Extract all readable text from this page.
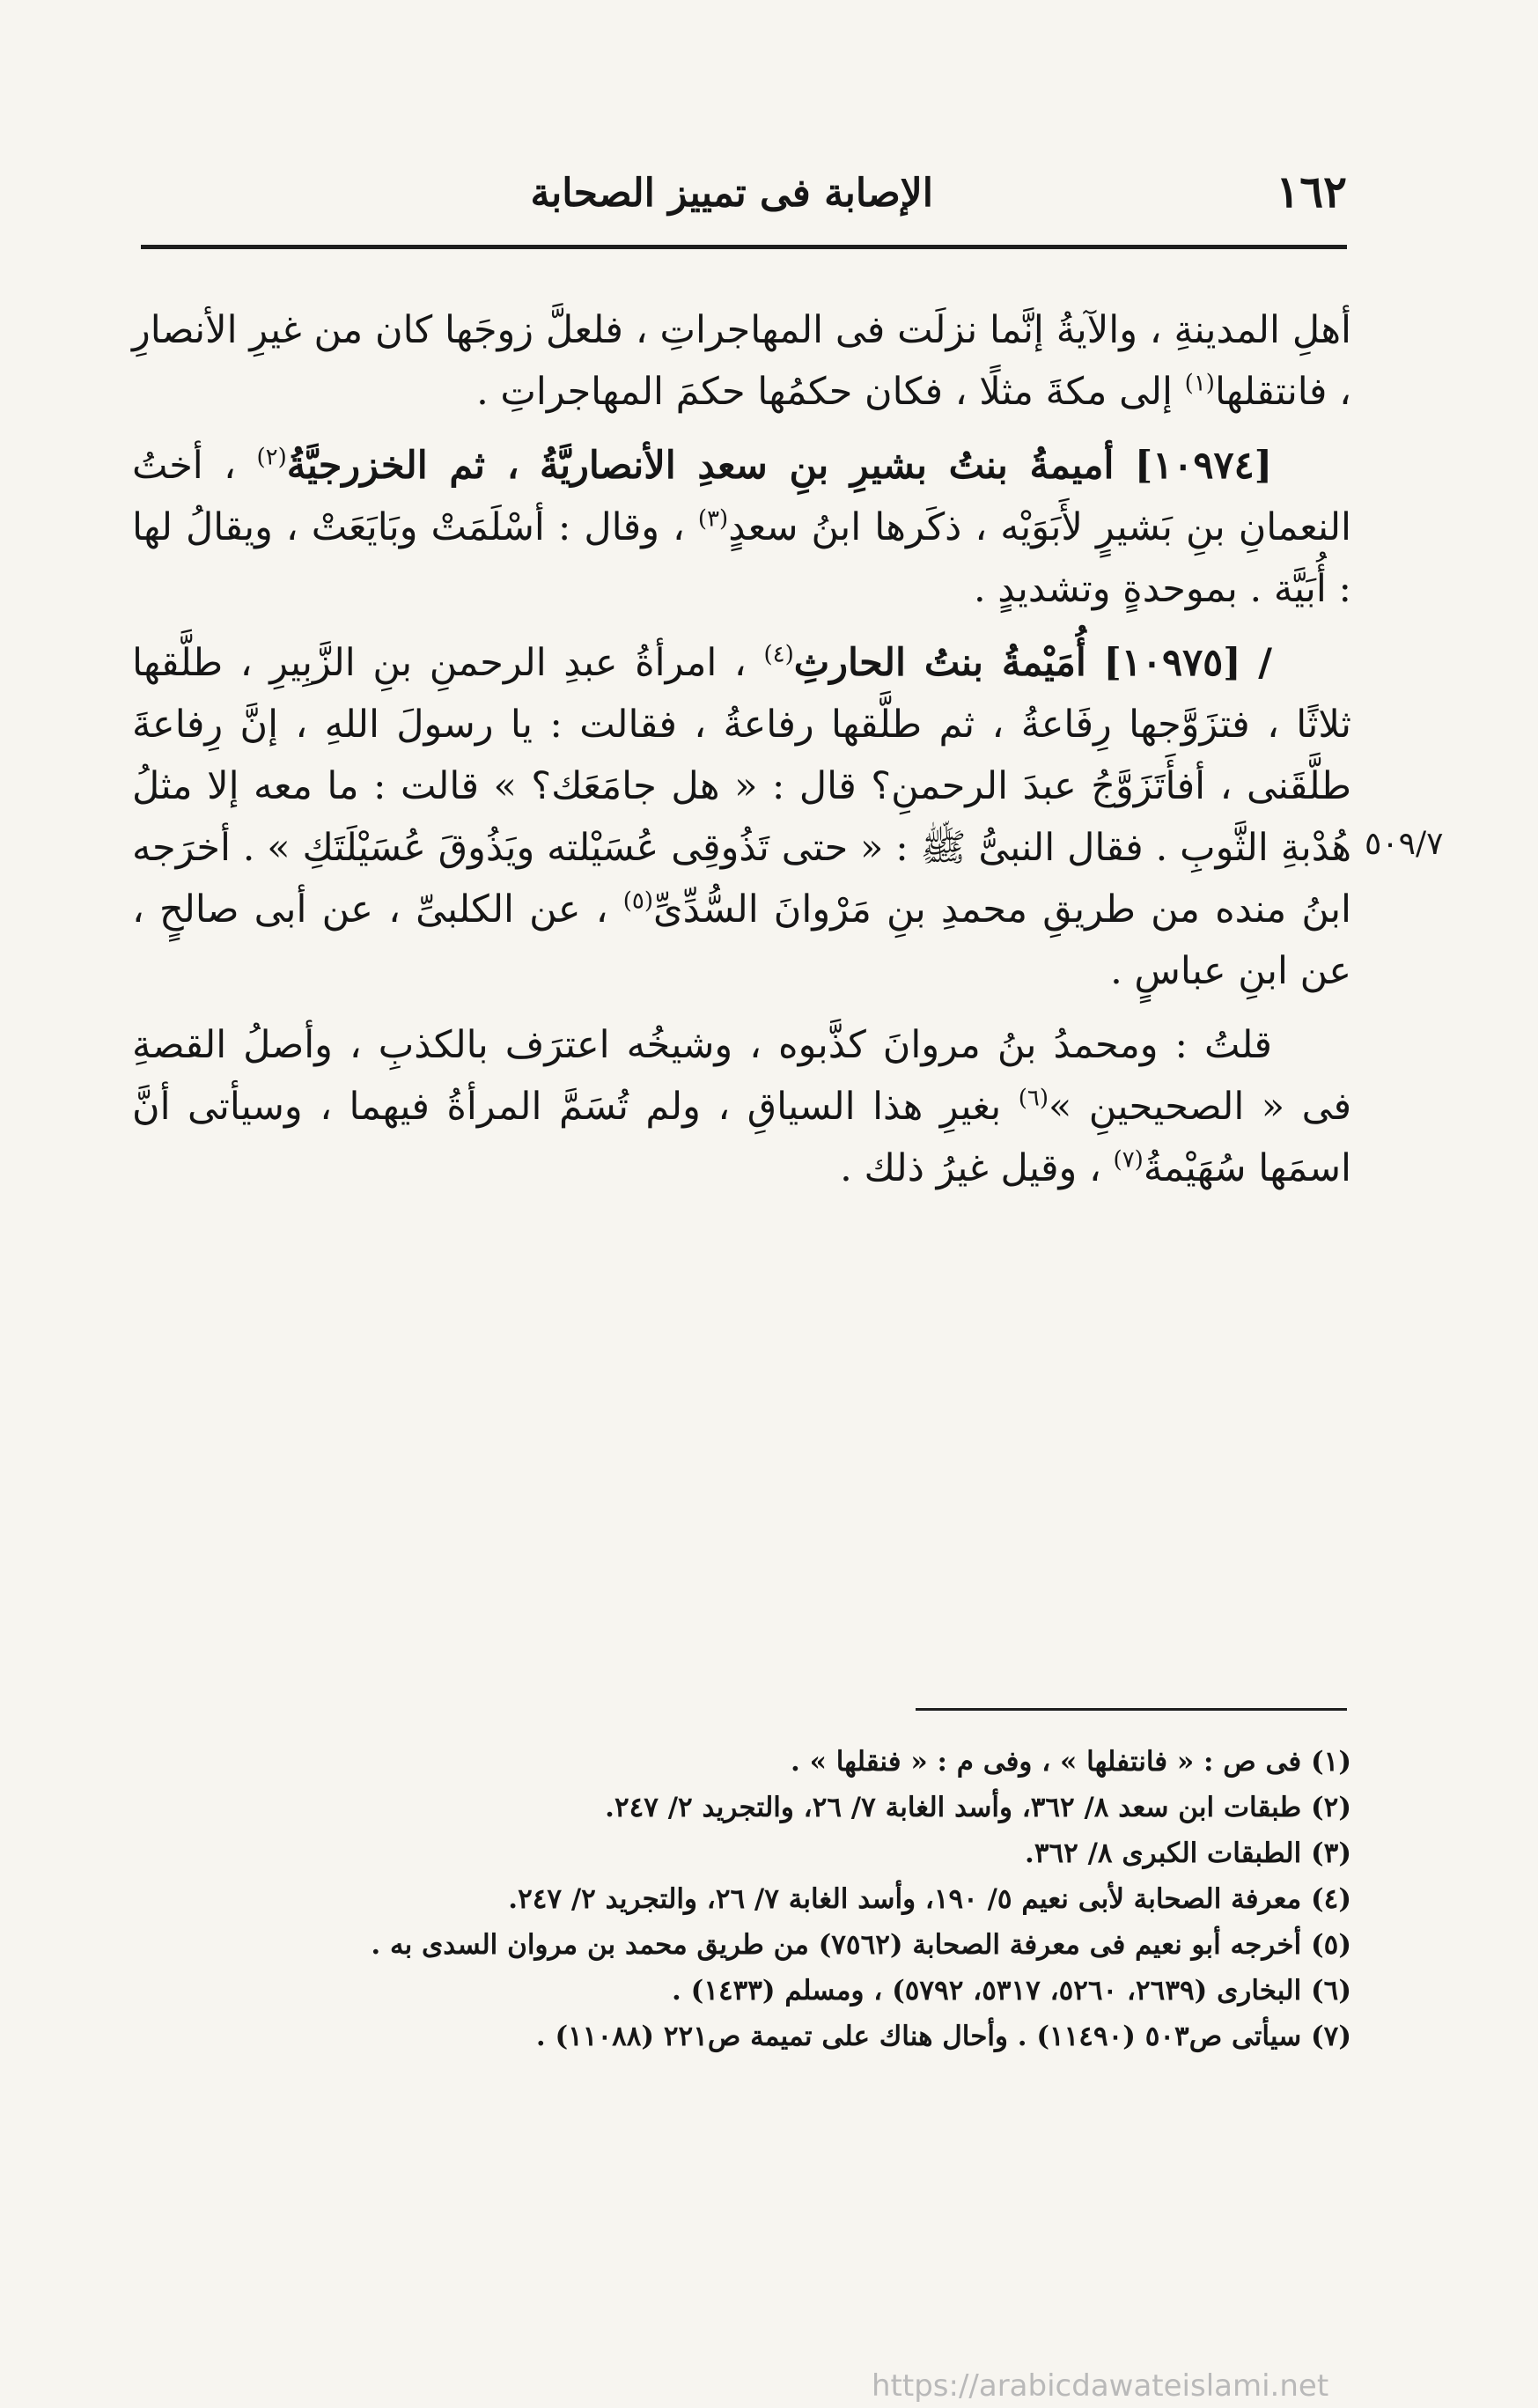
١٦٢
الإصابة فى تمييز الصحابة
٥٠٩/٧

أهلِ المدينةِ ، والآيةُ إنَّما نزلَت فى المهاجراتِ ، فلعلَّ زوجَها كان من غيرِ الأنصارِ ، فانتقلها$^{(١)}$ إلى مكةَ مثلًا ، فكان حكمُها حكمَ المهاجراتِ .

[١٠٩٧٤] أميمةُ بنتُ بشيرِ بنِ سعدِ الأنصاريَّةُ ، ثم الخزرجيَّةُ$^{(٢)}$ ، أختُ النعمانِ بنِ بَشيرٍ لأَبَوَيْه ، ذكَرها ابنُ سعدٍ$^{(٣)}$ ، وقال : أسْلَمَتْ وبَايَعَتْ ، ويقالُ لها : أُبَيَّة . بموحدةٍ وتشديدٍ .

/ [١٠٩٧٥] أُمَيْمةُ بنتُ الحارثِ$^{(٤)}$ ، امرأةُ عبدِ الرحمنِ بنِ الزَّبِيرِ ، طلَّقها ثلاثًا ، فتزَوَّجها رِفَاعةُ ، ثم طلَّقها رفاعةُ ، فقالت : يا رسولَ اللهِ ، إنَّ رِفاعةَ طلَّقَنى ، أفأَتَزَوَّجُ عبدَ الرحمنِ؟ قال : « هل جامَعَك؟ » قالت : ما معه إلا مثلُ هُدْبةِ الثَّوبِ . فقال النبىُّ ﷺ : « حتى تَذُوقِى عُسَيْلته ويَذُوقَ عُسَيْلَتَكِ » . أخرَجه ابنُ منده من طريقِ محمدِ بنِ مَرْوانَ السُّدِّىِّ$^{(٥)}$ ، عن الكلبىِّ ، عن أبى صالحٍ ، عن ابنِ عباسٍ .

قلتُ : ومحمدُ بنُ مروانَ كذَّبوه ، وشيخُه اعترَف بالكذبِ ، وأصلُ القصةِ فى « الصحيحينِ »$^{(٦)}$ بغيرِ هذا السياقِ ، ولم تُسَمَّ المرأةُ فيهما ، وسيأتى أنَّ اسمَها سُهَيْمةُ$^{(٧)}$ ، وقيل غيرُ ذلك .

(١) فى ص : « فانتفلها » ، وفى م : « فنقلها » .

(٢) طبقات ابن سعد ٨/ ٣٦٢، وأسد الغابة ٧/ ٢٦، والتجريد ٢/ ٢٤٧.

(٣) الطبقات الكبرى ٨/ ٣٦٢.

(٤) معرفة الصحابة لأبى نعيم ٥/ ١٩٠، وأسد الغابة ٧/ ٢٦، والتجريد ٢/ ٢٤٧.

(٥) أخرجه أبو نعيم فى معرفة الصحابة (٧٥٦٢) من طريق محمد بن مروان السدى به .

(٦) البخارى (٢٦٣٩، ٥٢٦٠، ٥٣١٧، ٥٧٩٢) ، ومسلم (١٤٣٣) .

(٧) سيأتى ص٥٠٣ (١١٤٩٠) . وأحال هناك على تميمة ص٢٢١ (١١٠٨٨) .

https://arabicdawateislami.net
